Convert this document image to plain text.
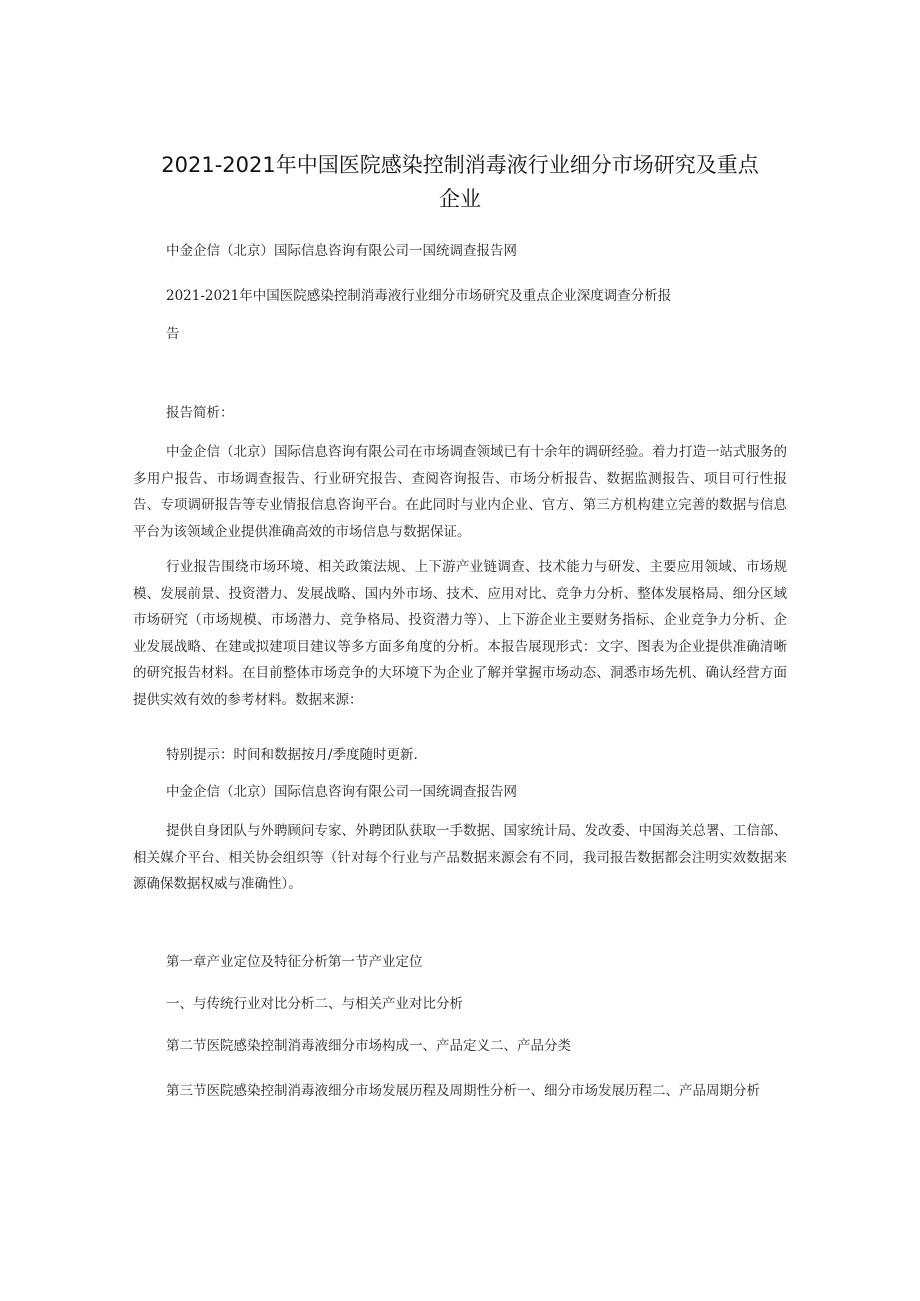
2021-2021年中国医院感染控制消毒液行业细分市场研究及重点
企业
中金企信（北京）国际信息咨询有限公司一国统调查报告网
2021-2021年中国医院感染控制消毒液行业细分市场研究及重点企业深度调查分析报
告
报告简析：
中金企信（北京）国际信息咨询有限公司在市场调查领域已有十余年的调研经验。着力打造一站式服务的多用户报告、市场调查报告、行业研究报告、查阅咨询报告、市场分析报告、数据监测报告、项目可行性报告、专项调研报告等专业情报信息咨询平台。在此同时与业内企业、官方、第三方机构建立完善的数据与信息平台为该领域企业提供准确高效的市场信息与数据保证。
行业报告围绕市场环境、相关政策法规、上下游产业链调查、技术能力与研发、主要应用领域、市场规模、发展前景、投资潜力、发展战略、国内外市场、技术、应用对比、竞争力分析、整体发展格局、细分区域市场研究（市场规模、市场潜力、竞争格局、投资潜力等）、上下游企业主要财务指标、企业竞争力分析、企业发展战略、在建或拟建项目建议等多方面多角度的分析。本报告展现形式：文字、图表为企业提供准确清晰的研究报告材料。在目前整体市场竞争的大环境下为企业了解并掌握市场动态、洞悉市场先机、确认经营方面提供实效有效的参考材料。数据来源：
特别提示：时间和数据按月/季度随时更新.
中金企信（北京）国际信息咨询有限公司一国统调查报告网
提供自身团队与外聘顾问专家、外聘团队获取一手数据、国家统计局、发改委、中国海关总署、工信部、相关媒介平台、相关协会组织等（针对每个行业与产品数据来源会有不同，我司报告数据都会注明实效数据来源确保数据权威与准确性）。
第一章产业定位及特征分析第一节产业定位
一、与传统行业对比分析二、与相关产业对比分析
第二节医院感染控制消毒液细分市场构成一、产品定义二、产品分类
第三节医院感染控制消毒液细分市场发展历程及周期性分析一、细分市场发展历程二、产品周期分析
